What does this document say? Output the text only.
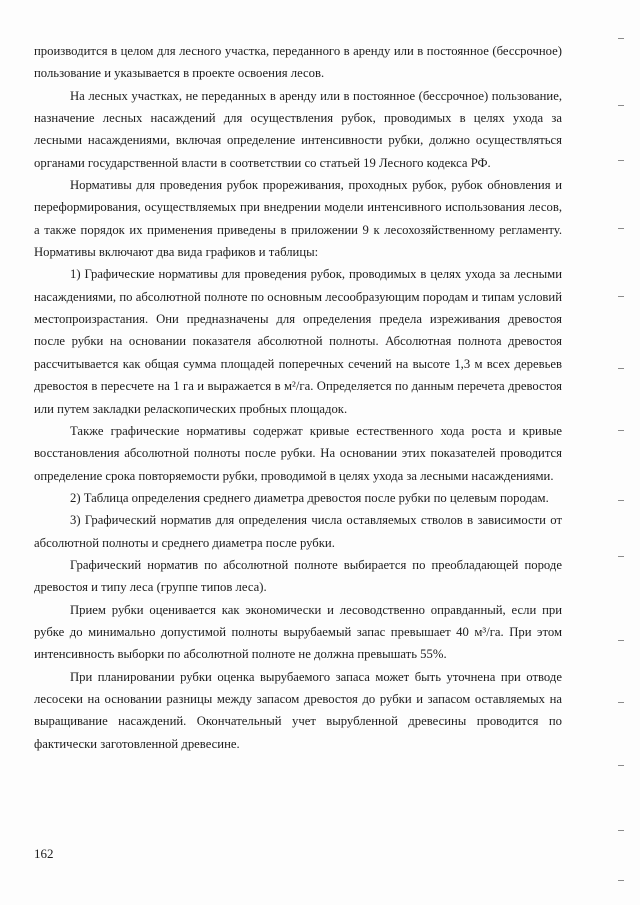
производится в целом для лесного участка, переданного в аренду или в постоянное (бессрочное) пользование и указывается в проекте освоения лесов.

На лесных участках, не переданных в аренду или в постоянное (бессрочное) пользование, назначение лесных насаждений для осуществления рубок, проводимых в целях ухода за лесными насаждениями, включая определение интенсивности рубки, должно осуществляться органами государственной власти в соответствии со статьей 19 Лесного кодекса РФ.

Нормативы для проведения рубок прореживания, проходных рубок, рубок обновления и переформирования, осуществляемых при внедрении модели интенсивного использования лесов, а также порядок их применения приведены в приложении 9 к лесохозяйственному регламенту. Нормативы включают два вида графиков и таблицы:

1) Графические нормативы для проведения рубок, проводимых в целях ухода за лесными насаждениями, по абсолютной полноте по основным лесообразующим породам и типам условий местопроизрастания. Они предназначены для определения предела изреживания древостоя после рубки на основании показателя абсолютной полноты. Абсолютная полнота древостоя рассчитывается как общая сумма площадей поперечных сечений на высоте 1,3 м всех деревьев древостоя в пересчете на 1 га и выражается в м²/га. Определяется по данным перечета древостоя или путем закладки реласкопических пробных площадок.

Также графические нормативы содержат кривые естественного хода роста и кривые восстановления абсолютной полноты после рубки. На основании этих показателей проводится определение срока повторяемости рубки, проводимой в целях ухода за лесными насаждениями.

2) Таблица определения среднего диаметра древостоя после рубки по целевым породам.

3) Графический норматив для определения числа оставляемых стволов в зависимости от абсолютной полноты и среднего диаметра после рубки.

Графический норматив по абсолютной полноте выбирается по преобладающей породе древостоя и типу леса (группе типов леса).

Прием рубки оценивается как экономически и лесоводственно оправданный, если при рубке до минимально допустимой полноты вырубаемый запас превышает 40 м³/га. При этом интенсивность выборки по абсолютной полноте не должна превышать 55%.

При планировании рубки оценка вырубаемого запаса может быть уточнена при отводе лесосеки на основании разницы между запасом древостоя до рубки и запасом оставляемых на выращивание насаждений. Окончательный учет вырубленной древесины проводится по фактически заготовленной древесине.

162
